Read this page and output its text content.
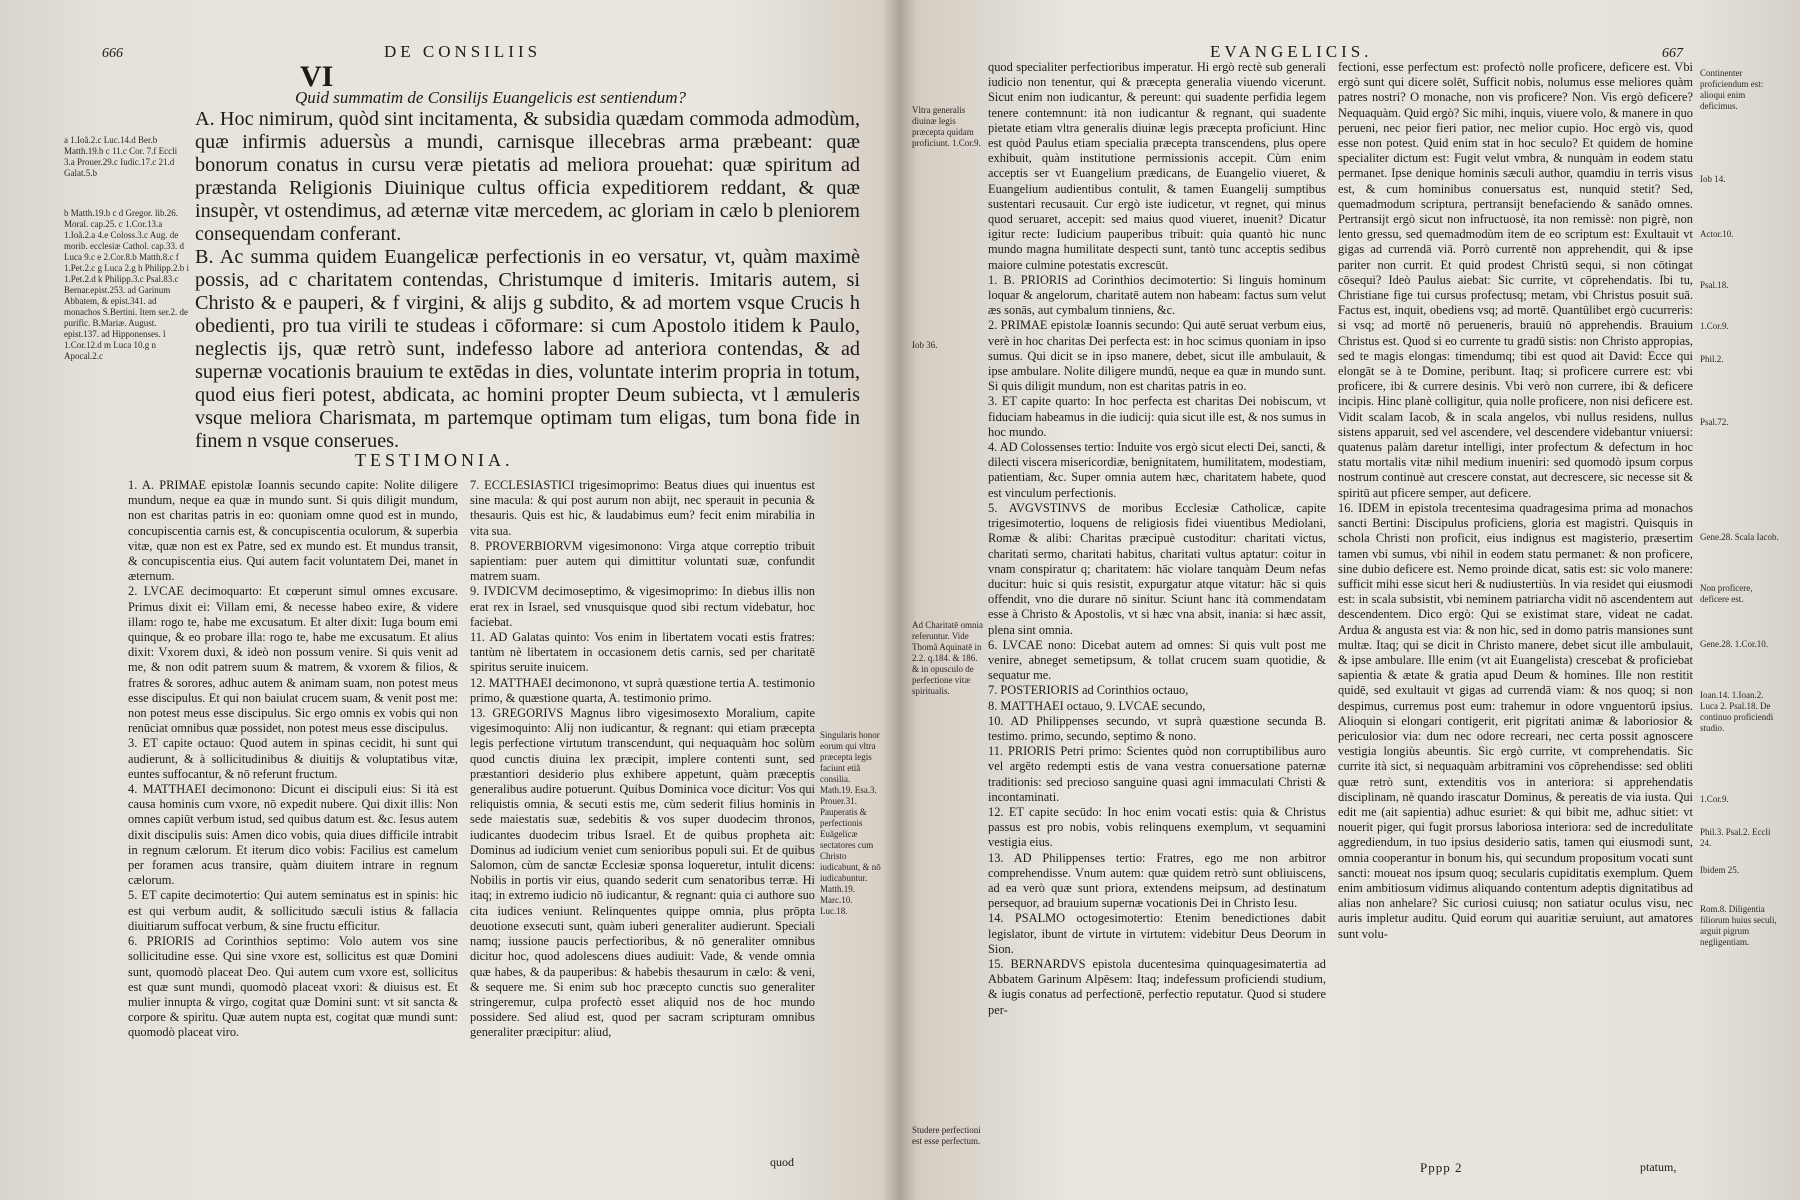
666	DE CONSILIIS
VI
Quid summatim de Consilijs Euangelicis est sentiendum?
a 1.Ioã.2.c Luc.14.d Ber.b Matth.19.b c 11.c Cor. 7.f Eccli 3.a Prouer.29.c Iudic.17.c 21.d Galat.5.b
b Matth.19.b c d Gregor. lib.26. Moral. cap.25. c 1.Cor.13.a 1.Ioã.2.a 4.e Coloss.3.c Aug. de morib. ecclesiæ Cathol. cap.33. d Luca 9.c e 2.Cor.8.b Matth.8.c f 1.Pet.2.c g Luca 2.g h Philipp.2.b i 1.Pet.2.d k Philipp.3.c Psal.83.c Bernar.epist.253. ad Garinum Abbatem, & epist.341. ad monachos S.Bertini. Item ser.2. de purific. B.Mariæ. August. epist.137. ad Hipponenses. l 1.Cor.12.d m Luca 10.g n Apocal.2.c

A. Hoc nimirum, quòd sint incitamenta, & subsidia quædam commoda admodùm, quæ infirmis aduersùs a mundi, carnisque illecebras arma præbeant: quæ bonorum conatus in cursu veræ pietatis ad meliora prouehat: quæ spiritum ad præstanda Religionis Diuinique cultus officia expeditiorem reddant, & quæ insupèr, vt ostendimus, ad æternæ vitæ mercedem, ac gloriam in cælo b pleniorem consequendam conferant.

B. Ac summa quidem Euangelicæ perfectionis in eo versatur, vt, quàm maximè possis, ad c charitatem contendas, Christumque d imiteris. Imitaris autem, si Christo & e pauperi, & f virgini, & alijs g subdito, & ad mortem vsque Crucis h obedienti, pro tua virili te studeas i cōformare: si cum Apostolo itidem k Paulo, neglectis ijs, quæ retrò sunt, indefesso labore ad anteriora contendas, & ad supernæ vocationis brauium te extēdas in dies, voluntate interim propria in totum, quod eius fieri potest, abdicata, ac homini propter Deum subiecta, vt l æmuleris vsque meliora Charismata, m partemque optimam tum eligas, tum bona fide in finem n vsque conserues.

TESTIMONIA.

1. A. PRIMAE epistolæ Ioannis secundo capite: Nolite diligere mundum, neque ea quæ in mundo sunt. Si quis diligit mundum, non est charitas patris in eo: quoniam omne quod est in mundo, concupiscentia carnis est, & concupiscentia oculorum, & superbia vitæ, quæ non est ex Patre, sed ex mundo est. Et mundus transit, & concupiscentia eius. Qui autem facit voluntatem Dei, manet in æternum.

2. LVCAE decimoquarto: Et cœperunt simul omnes excusare. Primus dixit ei: Villam emi, & necesse habeo exire, & videre illam: rogo te, habe me excusatum. Et alter dixit: Iuga boum emi quinque, & eo probare illa: rogo te, habe me excusatum. Et alius dixit: Vxorem duxi, & ideò non possum venire. Si quis venit ad me, & non odit patrem suum & matrem, & vxorem & filios, & fratres & sorores, adhuc autem & animam suam, non potest meus esse discipulus. Et qui non baiulat crucem suam, & venit post me: non potest meus esse discipulus. Sic ergo omnis ex vobis qui non renūciat omnibus quæ possidet, non potest meus esse discipulus.

3. ET capite octauo: Quod autem in spinas cecidit, hi sunt qui audierunt, & à sollicitudinibus & diuitijs & voluptatibus vitæ, euntes suffocantur, & nō referunt fructum.

4. MATTHAEI decimonono: Dicunt ei discipuli eius: Si ità est causa hominis cum vxore, nō expedit nubere. Qui dixit illis: Non omnes capiūt verbum istud, sed quibus datum est. &c. Iesus autem dixit discipulis suis: Amen dico vobis, quia diues difficile intrabit in regnum cælorum. Et iterum dico vobis: Facilius est camelum per foramen acus transire, quàm diuitem intrare in regnum cælorum.

5. ET capite decimotertio: Qui autem seminatus est in spinis: hic est qui verbum audit, & sollicitudo sæculi istius & fallacia diuitiarum suffocat verbum, & sine fructu efficitur.

6. PRIORIS ad Corinthios septimo: Volo autem vos sine sollicitudine esse. Qui sine vxore est, sollicitus est quæ Domini sunt, quomodò placeat Deo. Qui autem cum vxore est, sollicitus est quæ sunt mundi, quomodò placeat vxori: & diuisus est. Et mulier innupta & virgo, cogitat quæ Domini sunt: vt sit sancta & corpore & spiritu. Quæ autem nupta est, cogitat quæ mundi sunt: quomodò placeat viro.

7. ECCLESIASTICI trigesimoprimo: Beatus diues qui inuentus est sine macula: & qui post aurum non abijt, nec sperauit in pecunia & thesauris. Quis est hic, & laudabimus eum? fecit enim mirabilia in vita sua.

8. PROVERBIORVM vigesimonono: Virga atque correptio tribuit sapientiam: puer autem qui dimittitur voluntati suæ, confundit matrem suam.

9. IVDICVM decimoseptimo, & vigesimoprimo: In diebus illis non erat rex in Israel, sed vnusquisque quod sibi rectum videbatur, hoc faciebat.

11. AD Galatas quinto: Vos enim in libertatem vocati estis fratres: tantùm nè libertatem in occasionem detis carnis, sed per charitatē spiritus seruite inuicem.

12. MATTHAEI decimonono, vt suprà quæstione tertia A. testimonio primo, & quæstione quarta, A. testimonio primo.

13. GREGORIVS Magnus libro vigesimosexto Moralium, capite vigesimoquinto: Alij non iudicantur, & regnant: qui etiam præcepta legis perfectione virtutum transcendunt, qui nequaquàm hoc solùm quod cunctis diuina lex præcipit, implere contenti sunt, sed præstantiori desiderio plus exhibere appetunt, quàm præceptis generalibus audire potuerunt. Quibus Dominica voce dicitur: Vos qui reliquistis omnia, & secuti estis me, cùm sederit filius hominis in sede maiestatis suæ, sedebitis & vos super duodecim thronos, iudicantes duodecim tribus Israel. Et de quibus propheta ait: Dominus ad iudicium veniet cum senioribus populi sui. Et de quibus Salomon, cùm de sanctæ Ecclesiæ sponsa loqueretur, intulit dicens: Nobilis in portis vir eius, quando sederit cum senatoribus terræ. Hi itaq; in extremo iudicio nō iudicantur, & regnant: quia ci authore suo cita iudices veniunt. Relinquentes quippe omnia, plus prōpta deuotione exsecuti sunt, quàm iuberi generaliter audierunt. Speciali namq; iussione paucis perfectioribus, & nō generaliter omnibus dicitur hoc, quod adolescens diues audiuit: Vade, & vende omnia quæ habes, & da pauperibus: & habebis thesaurum in cælo: & veni, & sequere me. Si enim sub hoc præcepto cunctis suo generaliter stringeremur, culpa profectò esset aliquid nos de hoc mundo possidere. Sed aliud est, quod per sacram scripturam omnibus generaliter præcipitur: aliud,

Singularis honor eorum qui vltra præcepta legis faciunt etiã consilia. Math.19. Esa.3. Prouer.31. Pauperatis & perfectionis Euãgelicæ sectatores cum Christo iudicabunt, & nō iudicabuntur. Matth.19. Marc.10. Luc.18.
quod
EVANGELICIS.	667
Vltra generalis diuinæ legis præcepta quidam proficiunt. 1.Cor.9.
Iob 36.
Ad Charitatē omnia referuntur. Vide Thomã Aquinatē in 2.2. q.184. & 186. & in opusculo de perfectione vitæ spiritualis.
Studere perfectioni est esse perfectum.

quod specialiter perfectioribus imperatur. Hi ergò rectè sub generali iudicio non tenentur, qui & præcepta generalia viuendo vicerunt. Sicut enim non iudicantur, & pereunt: qui suadente perfidia legem tenere contemnunt: ità non iudicantur & regnant, qui suadente pietate etiam vltra generalis diuinæ legis præcepta proficiunt. Hinc est quòd Paulus etiam specialia præcepta transcendens, plus opere exhibuit, quàm institutione permissionis accepit. Cùm enim acceptis ser vt Euangelium prædicans, de Euangelio viueret, & Euangelium audientibus contulit, & tamen Euangelij sumptibus sustentari recusauit. Cur ergò iste iudicetur, vt regnet, qui minus quod seruaret, accepit: sed maius quod viueret, inuenit? Dicatur igitur recte: Iudicium pauperibus tribuit: quia quantò hic nunc mundo magna humilitate despecti sunt, tantò tunc acceptis sedibus maiore culmine potestatis excrescūt.

1. B. PRIORIS ad Corinthios decimotertio: Si linguis hominum loquar & angelorum, charitatē autem non habeam: factus sum velut æs sonās, aut cymbalum tinniens, &c.

2. PRIMAE epistolæ Ioannis secundo: Qui autē seruat verbum eius, verè in hoc charitas Dei perfecta est: in hoc scimus quoniam in ipso sumus. Qui dicit se in ipso manere, debet, sicut ille ambulauit, & ipse ambulare. Nolite diligere mundū, neque ea quæ in mundo sunt. Si quis diligit mundum, non est charitas patris in eo.

3. ET capite quarto: In hoc perfecta est charitas Dei nobiscum, vt fiduciam habeamus in die iudicij: quia sicut ille est, & nos sumus in hoc mundo.

4. AD Colossenses tertio: Induite vos ergò sicut electi Dei, sancti, & dilecti viscera misericordiæ, benignitatem, humilitatem, modestiam, patientiam, &c. Super omnia autem hæc, charitatem habete, quod est vinculum perfectionis.

5. AVGVSTINVS de moribus Ecclesiæ Catholicæ, capite trigesimotertio, loquens de religiosis fidei viuentibus Mediolani, Romæ & alibi: Charitas præcipuè custoditur: charitati victus, charitati sermo, charitati habitus, charitati vultus aptatur: coitur in vnam conspiratur q; charitatem: hāc violare tanquàm Deum nefas ducitur: huic si quis resistit, expurgatur atque vitatur: hāc si quis offendit, vno die durare nō sinitur. Sciunt hanc ità commendatam esse à Christo & Apostolis, vt si hæc vna absit, inania: si hæc assit, plena sint omnia.

6. LVCAE nono: Dicebat autem ad omnes: Si quis vult post me venire, abneget semetipsum, & tollat crucem suam quotidie, & sequatur me.

7. POSTERIORIS ad Corinthios octauo,

8. MATTHAEI octauo, 9. LVCAE secundo,

10. AD Philippenses secundo, vt suprà quæstione secunda B. testimo. primo, secundo, septimo & nono.

11. PRIORIS Petri primo: Scientes quòd non corruptibilibus auro vel argēto redempti estis de vana vestra conuersatione paternæ traditionis: sed precioso sanguine quasi agni immaculati Christi & incontaminati.

12. ET capite secūdo: In hoc enim vocati estis: quia & Christus passus est pro nobis, vobis relinquens exemplum, vt sequamini vestigia eius.

13. AD Philippenses tertio: Fratres, ego me non arbitror comprehendisse. Vnum autem: quæ quidem retrò sunt obliuiscens, ad ea verò quæ sunt priora, extendens meipsum, ad destinatum persequor, ad brauium supernæ vocationis Dei in Christo Iesu.

14. PSALMO octogesimotertio: Etenim benedictiones dabit legislator, ibunt de virtute in virtutem: videbitur Deus Deorum in Sion.

15. BERNARDVS epistola ducentesima quinquagesimatertia ad Abbatem Garinum Alpēsem: Itaq; indefessum proficiendi studium, & iugis conatus ad perfectionē, perfectio reputatur. Quod si studere per-

fectioni, esse perfectum est: profectò nolle proficere, deficere est. Vbi ergò sunt qui dicere solēt, Sufficit nobis, nolumus esse meliores quàm patres nostri? O monache, non vis proficere? Non. Vis ergò deficere? Nequaquàm. Quid ergò? Sic mihi, inquis, viuere volo, & manere in quo perueni, nec peior fieri patior, nec melior cupio. Hoc ergò vis, quod esse non potest. Quid enim stat in hoc seculo? Et quidem de homine specialiter dictum est: Fugit velut vmbra, & nunquàm in eodem statu permanet. Ipse denique hominis sæculi author, quamdiu in terris visus est, & cum hominibus conuersatus est, nunquid stetit? Sed, quemadmodum scriptura, pertransijt benefaciendo & sanādo omnes. Pertransijt ergò sicut non infructuosè, ita non remissè: non pigrè, non lento gressu, sed quemadmodùm item de eo scriptum est: Exultauit vt gigas ad currendā viā. Porrò currentē non apprehendit, qui & ipse pariter non currit. Et quid prodest Christū sequi, si non cōtingat cōsequi? Ideò Paulus aiebat: Sic currite, vt cōprehendatis. Ibi tu, Christiane fige tui cursus profectusq; metam, vbi Christus posuit suā. Factus est, inquit, obediens vsq; ad mortē. Quantūlibet ergò cucurreris: si vsq; ad mortē nō perueneris, brauiū nō apprehendis. Brauium Christus est. Quod si eo currente tu gradū sistis: non Christo appropias, sed te magis elongas: timendumq; tibi est quod ait David: Ecce qui elongāt se à te Domine, peribunt. Itaq; si proficere currere est: vbi proficere, ibi & currere desinis. Vbi verò non currere, ibi & deficere incipis. Hinc planè colligitur, quia nolle proficere, non nisi deficere est. Vidit scalam Iacob, & in scala angelos, vbi nullus residens, nullus sistens apparuit, sed vel ascendere, vel descendere videbantur vniuersi: quatenus palàm daretur intelligi, inter profectum & defectum in hoc statu mortalis vitæ nihil medium inueniri: sed quomodò ipsum corpus nostrum continuè aut crescere constat, aut decrescere, sic necesse sit & spiritū aut pficere semper, aut deficere.

16. IDEM in epistola trecentesima quadragesima prima ad monachos sancti Bertini: Discipulus proficiens, gloria est magistri. Quisquis in schola Christi non proficit, eius indignus est magisterio, præsertim tamen vbi sumus, vbi nihil in eodem statu permanet: & non proficere, sine dubio deficere est. Nemo proinde dicat, satis est: sic volo manere: sufficit mihi esse sicut heri & nudiustertiùs. In via residet qui eiusmodi est: in scala subsistit, vbi neminem patriarcha vidit nō ascendentem aut descendentem. Dico ergò: Qui se existimat stare, videat ne cadat. Ardua & angusta est via: & non hic, sed in domo patris mansiones sunt multæ. Itaq; qui se dicit in Christo manere, debet sicut ille ambulauit, & ipse ambulare. Ille enim (vt ait Euangelista) crescebat & proficiebat sapientia & ætate & gratia apud Deum & homines. Ille non restitit quidē, sed exultauit vt gigas ad currendā viam: & nos quoq; si non despimus, curremus post eum: trahemur in odore vnguentorū ipsius. Alioquin si elongari contigerit, erit pigritati animæ & laboriosior & periculosior via: dum nec odore recreari, nec certa possit agnoscere vestigia longiùs abeuntis. Sic ergò currite, vt comprehendatis. Sic currite ità sict, si nequaquàm arbitramini vos cōprehendisse: sed obliti quæ retrò sunt, extenditis vos in anteriora: si apprehendatis disciplinam, nè quando irascatur Dominus, & pereatis de via iusta. Qui edit me (ait sapientia) adhuc esuriet: & qui bibit me, adhuc sitiet: vt nouerit piger, qui fugit prorsus laboriosa interiora: sed de incredulitate aggrediendum, in tuo ipsius desiderio satis, tamen qui eiusmodi sunt, omnia cooperantur in bonum his, qui secundum propositum vocati sunt sancti: moueat nos ipsum quoq; secularis cupiditatis exemplum. Quem enim ambitiosum vidimus aliquando contentum adeptis dignitatibus ad alias non anhelare? Sic curiosi cuiusq; non satiatur oculus visu, nec auris impletur auditu. Quid eorum qui auaritiæ seruiunt, aut amatores sunt volu-

Continenter proficiendum est: alioqui enim deficimus.
Iob 14.
Actor.10.
Psal.18.
1.Cor.9.
Phil.2.
Psal.72.
Gene.28. Scala Iacob.
Non proficere, deficere est.
Gene.28. 1.Cor.10.
Ioan.14. 1.Ioan.2. Luca 2. Psal.18. De continuo proficiendi studio.
1.Cor.9.
Phil.3. Psal.2. Eccli 24.
Ibidem 25.
Rom.8. Diligentia filiorum huius seculi, arguit pigrum negligentiam.
Pppp 2	ptatum,
